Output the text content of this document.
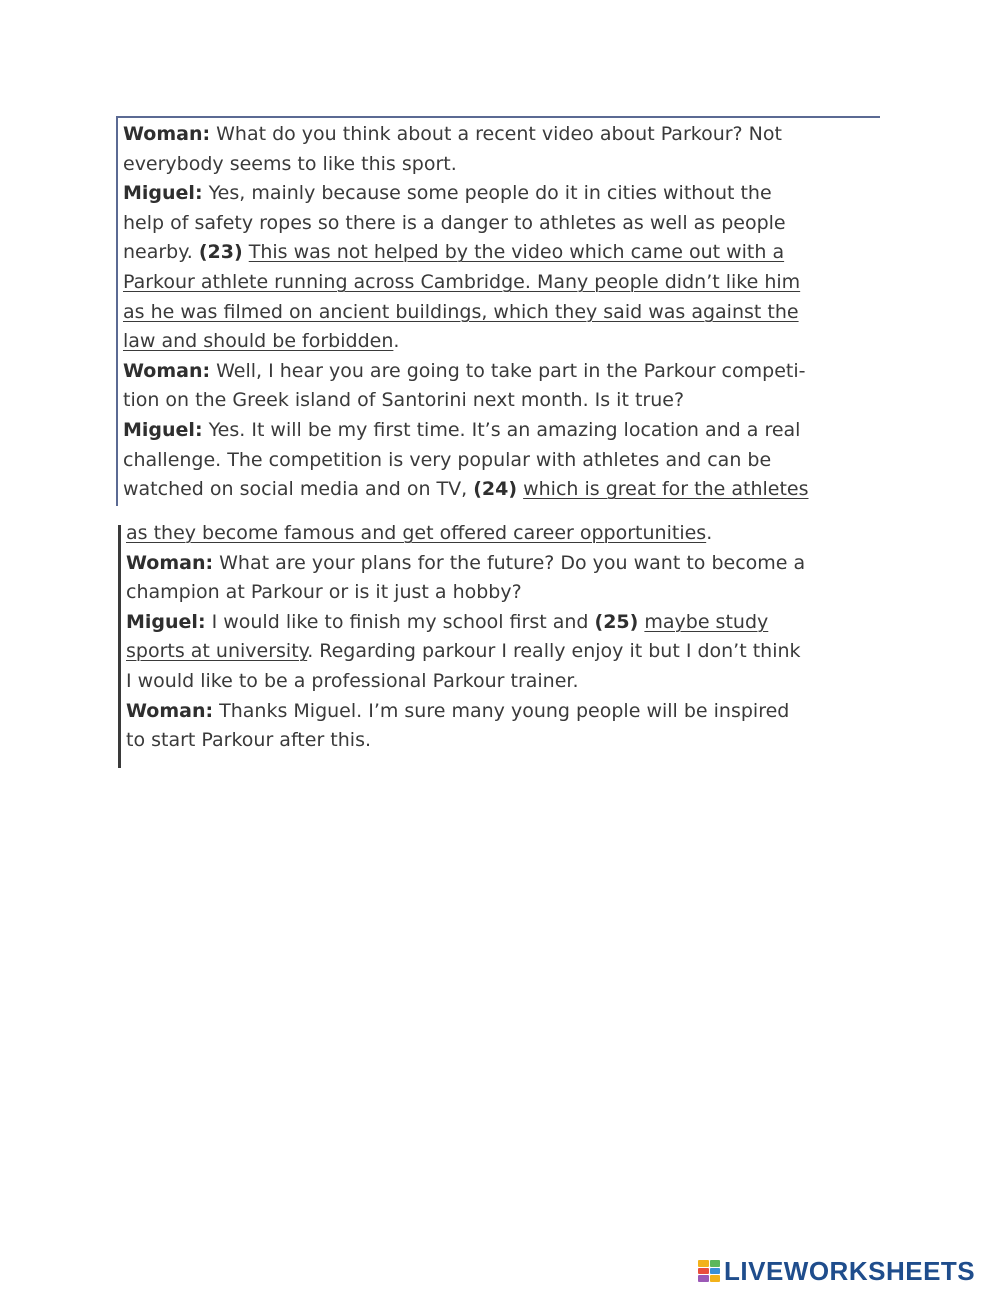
Woman: What do you think about a recent video about Parkour? Not
everybody seems to like this sport.
Miguel: Yes, mainly because some people do it in cities without the
help of safety ropes so there is a danger to athletes as well as people
nearby. (23) This was not helped by the video which came out with a
Parkour athlete running across Cambridge. Many people didn’t like him
as he was filmed on ancient buildings, which they said was against the
law and should be forbidden.
Woman: Well, I hear you are going to take part in the Parkour competi-
tion on the Greek island of Santorini next month. Is it true?
Miguel: Yes. It will be my first time. It’s an amazing location and a real
challenge. The competition is very popular with athletes and can be
watched on social media and on TV, (24) which is great for the athletes
as they become famous and get offered career opportunities.
Woman: What are your plans for the future? Do you want to become a
champion at Parkour or is it just a hobby?
Miguel: I would like to finish my school first and (25) maybe study
sports at university. Regarding parkour I really enjoy it but I don’t think
I would like to be a professional Parkour trainer.
Woman: Thanks Miguel. I’m sure many young people will be inspired
to start Parkour after this.
LIVEWORKSHEETS
